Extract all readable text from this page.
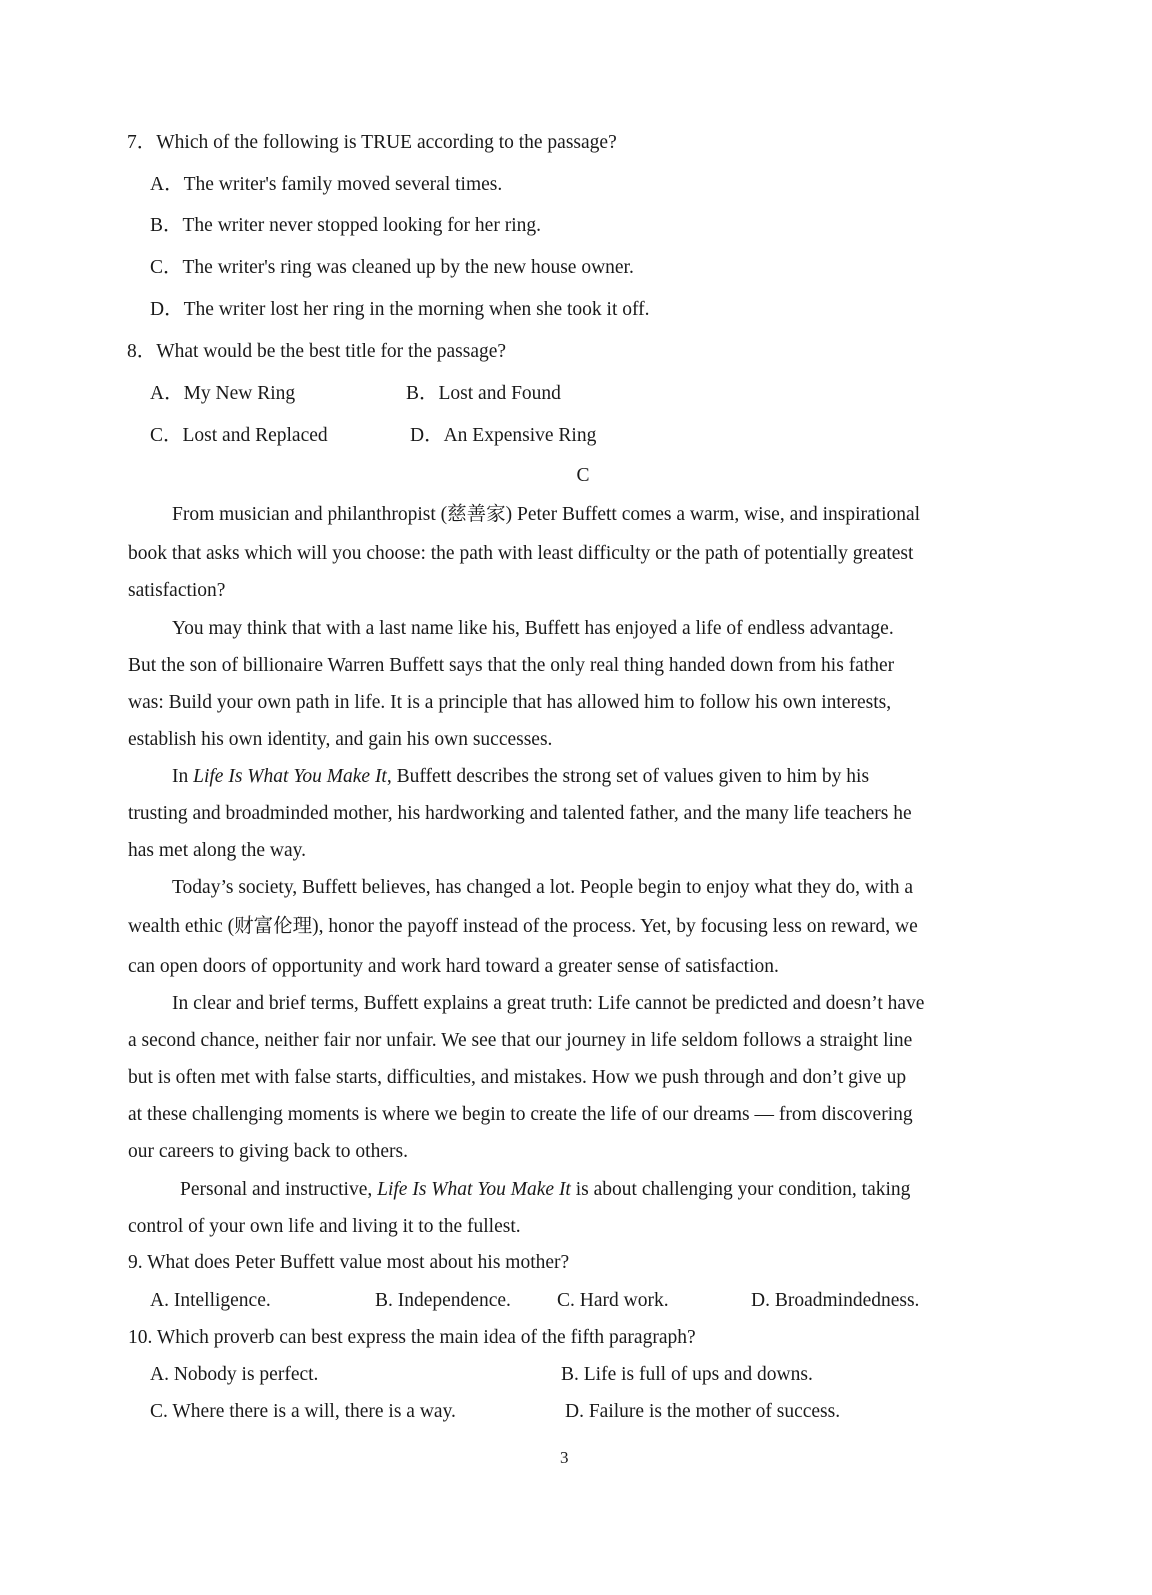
7．Which of the following is TRUE according to the passage?
A．The writer's family moved several times.
B．The writer never stopped looking for her ring.
C．The writer's ring was cleaned up by the new house owner.
D．The writer lost her ring in the morning when she took it off.
8．What would be the best title for the passage?
A．My New Ring	B．Lost and Found
C．Lost and Replaced	D．An Expensive Ring
C
From musician and philanthropist (慈善家) Peter Buffett comes a warm, wise, and inspirational
book that asks which will you choose: the path with least difficulty or the path of potentially greatest
satisfaction?
You may think that with a last name like his, Buffett has enjoyed a life of endless advantage.
But the son of billionaire Warren Buffett says that the only real thing handed down from his father
was: Build your own path in life. It is a principle that has allowed him to follow his own interests,
establish his own identity, and gain his own successes.
In Life Is What You Make It, Buffett describes the strong set of values given to him by his
trusting and broadminded mother, his hardworking and talented father, and the many life teachers he
has met along the way.
Today’s society, Buffett believes, has changed a lot. People begin to enjoy what they do, with a
wealth ethic (财富伦理), honor the payoff instead of the process. Yet, by focusing less on reward, we
can open doors of opportunity and work hard toward a greater sense of satisfaction.
In clear and brief terms, Buffett explains a great truth: Life cannot be predicted and doesn’t have
a second chance, neither fair nor unfair. We see that our journey in life seldom follows a straight line
but is often met with false starts, difficulties, and mistakes. How we push through and don’t give up
at these challenging moments is where we begin to create the life of our dreams — from discovering
our careers to giving back to others.
Personal and instructive, Life Is What You Make It is about challenging your condition, taking
control of your own life and living it to the fullest.
9. What does Peter Buffett value most about his mother?
A. Intelligence.	B. Independence. C. Hard work.	D. Broadmindedness.
10. Which proverb can best express the main idea of the fifth paragraph?
A. Nobody is perfect.	B. Life is full of ups and downs.
C. Where there is a will, there is a way.	D. Failure is the mother of success.
3
